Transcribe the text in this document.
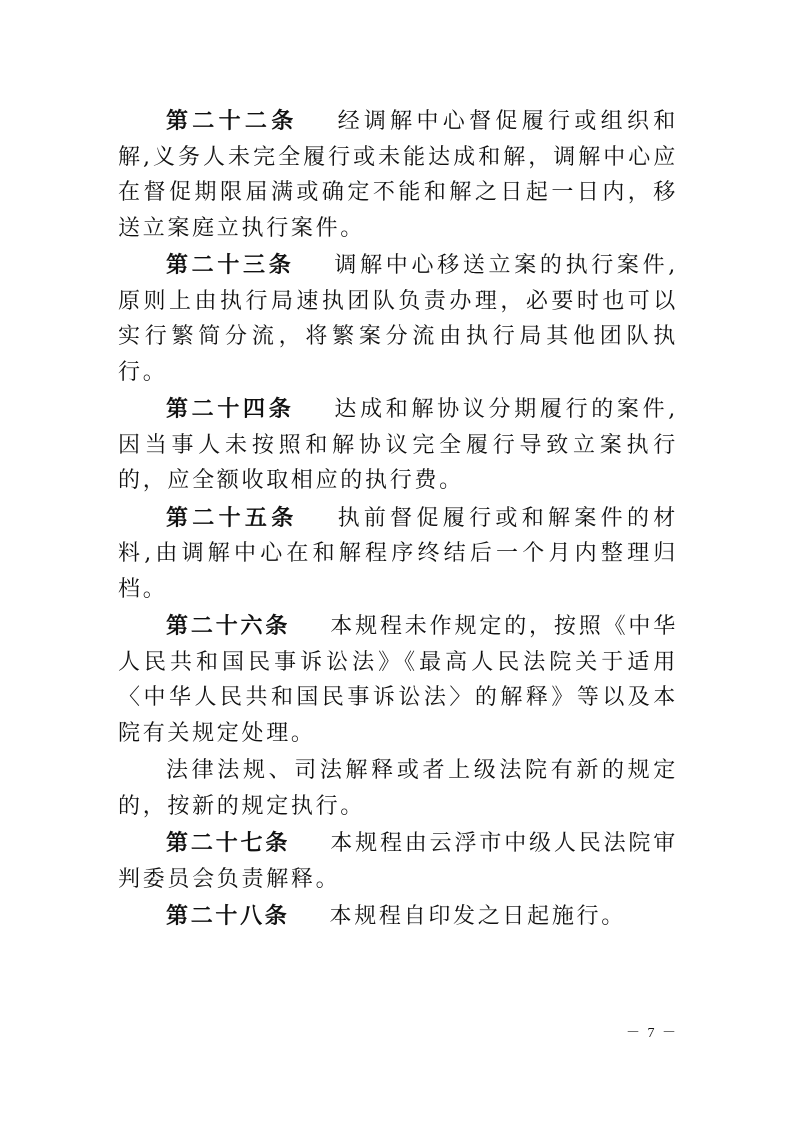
第二十二条 经调解中心督促履行或组织和解,义务人未完全履行或未能达成和解，调解中心应在督促期限届满或确定不能和解之日起一日内，移送立案庭立执行案件。

第二十三条 调解中心移送立案的执行案件,原则上由执行局速执团队负责办理，必要时也可以实行繁简分流，将繁案分流由执行局其他团队执行。

第二十四条 达成和解协议分期履行的案件,因当事人未按照和解协议完全履行导致立案执行的，应全额收取相应的执行费。

第二十五条 执前督促履行或和解案件的材料,由调解中心在和解程序终结后一个月内整理归档。

第二十六条 本规程未作规定的，按照《中华人民共和国民事诉讼法》《最高人民法院关于适用〈中华人民共和国民事诉讼法〉的解释》等以及本院有关规定处理。

法律法规、司法解释或者上级法院有新的规定的，按新的规定执行。

第二十七条 本规程由云浮市中级人民法院审判委员会负责解释。

第二十八条 本规程自印发之日起施行。

－ 7 －
